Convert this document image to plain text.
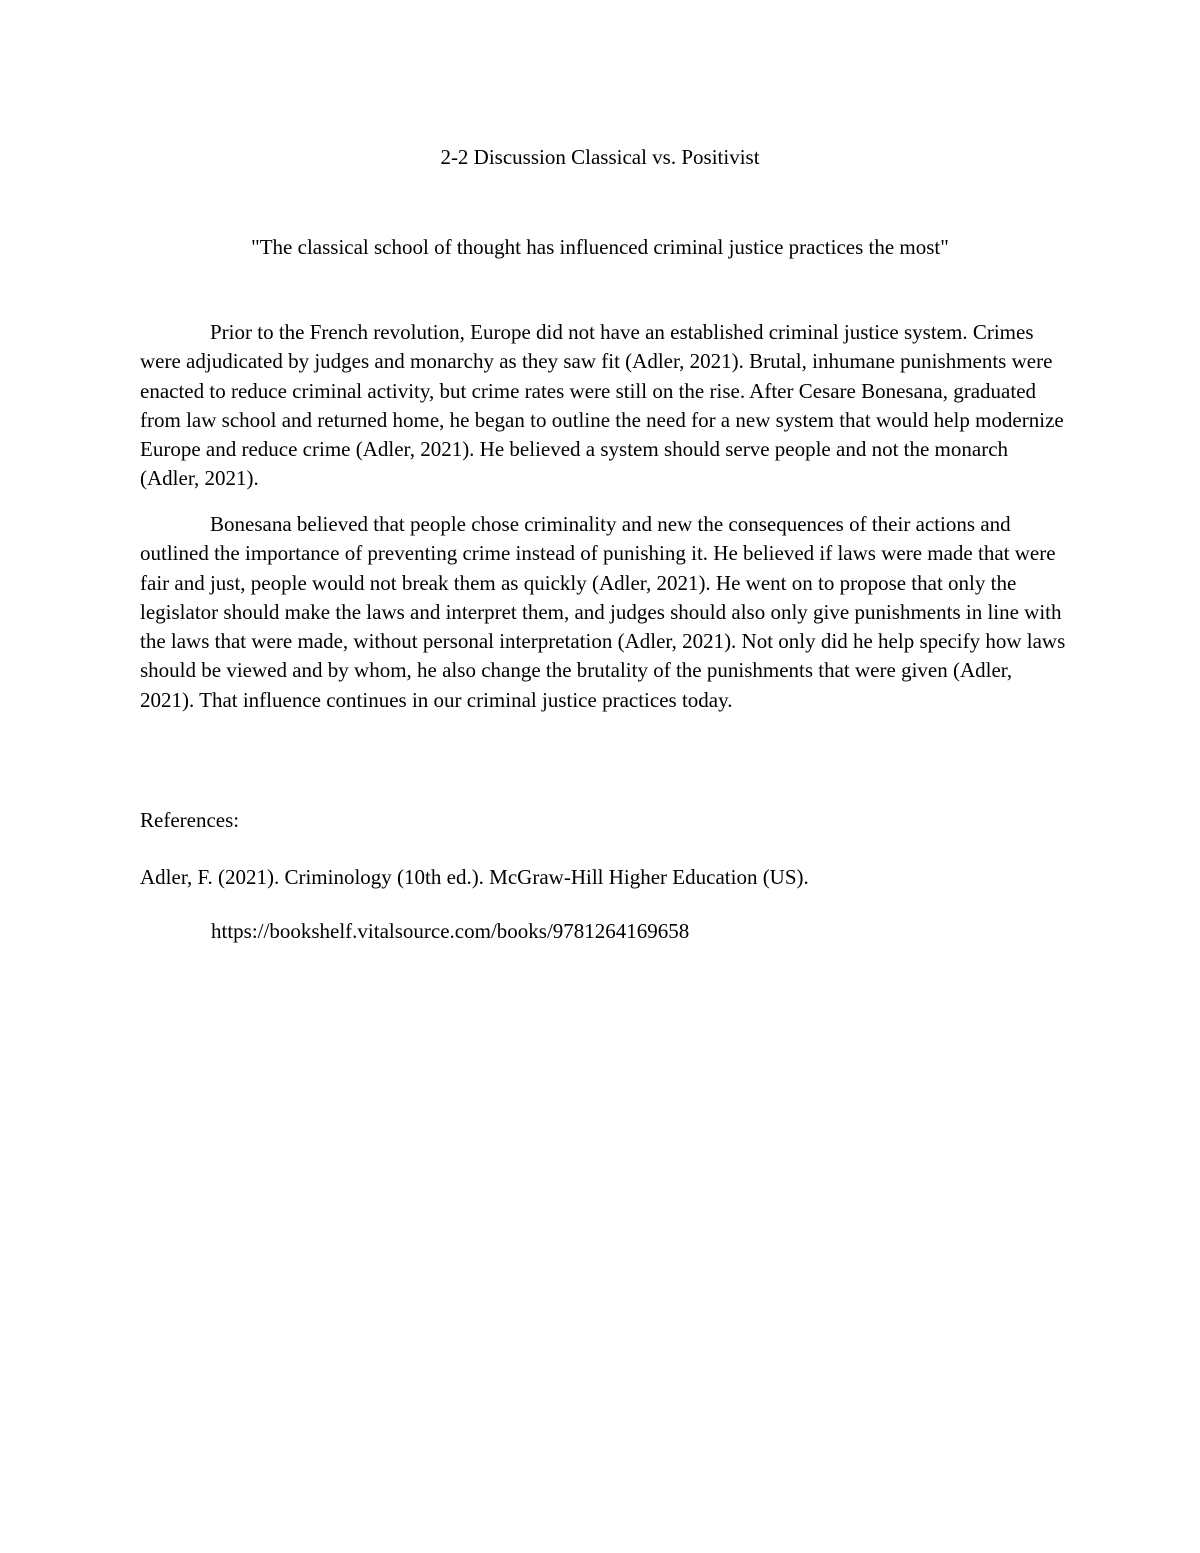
2-2 Discussion Classical vs. Positivist

"The classical school of thought has influenced criminal justice practices the most"

Prior to the French revolution, Europe did not have an established criminal justice system. Crimes were adjudicated by judges and monarchy as they saw fit (Adler, 2021). Brutal, inhumane punishments were enacted to reduce criminal activity, but crime rates were still on the rise. After Cesare Bonesana, graduated from law school and returned home, he began to outline the need for a new system that would help modernize Europe and reduce crime (Adler, 2021). He believed a system should serve people and not the monarch (Adler, 2021).

Bonesana believed that people chose criminality and new the consequences of their actions and outlined the importance of preventing crime instead of punishing it. He believed if laws were made that were fair and just, people would not break them as quickly (Adler, 2021). He went on to propose that only the legislator should make the laws and interpret them, and judges should also only give punishments in line with the laws that were made, without personal interpretation (Adler, 2021). Not only did he help specify how laws should be viewed and by whom, he also change the brutality of the punishments that were given (Adler, 2021). That influence continues in our criminal justice practices today.

References:

Adler, F. (2021). Criminology (10th ed.). McGraw-Hill Higher Education (US).

https://bookshelf.vitalsource.com/books/9781264169658
